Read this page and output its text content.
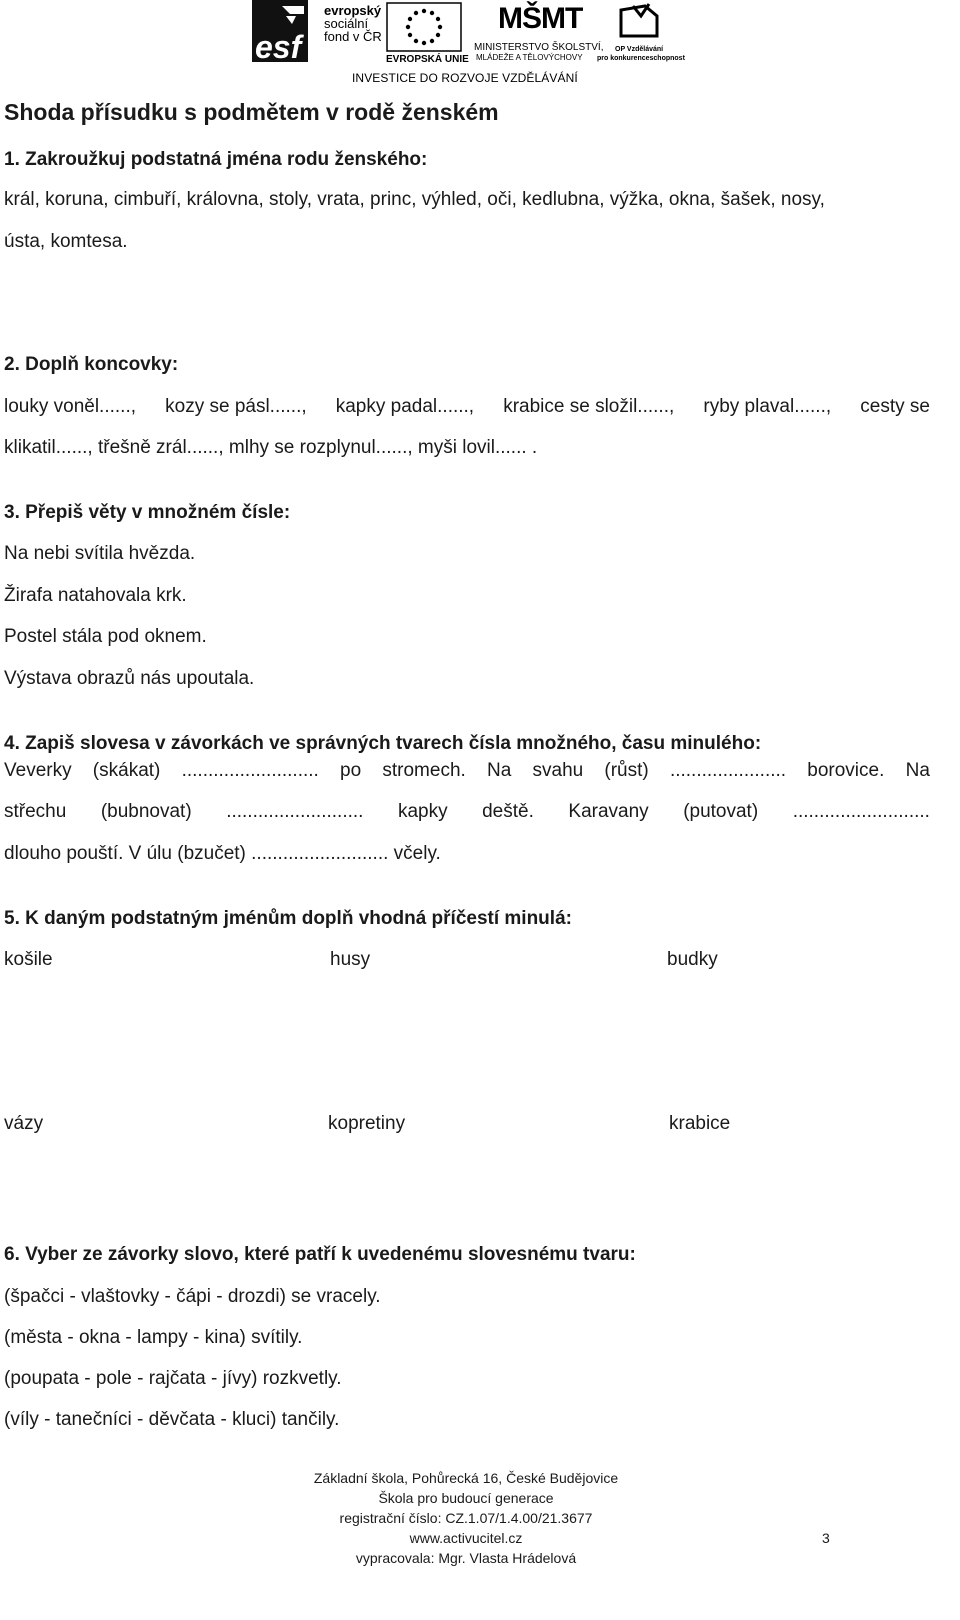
esf
evropský
sociální
fond v ČR
EVROPSKÁ UNIE
MŠMT
MINISTERSTVO ŠKOLSTVÍ,
MLÁDEŽE A TĚLOVÝCHOVY
OP Vzdělávání
pro konkurenceschopnost
INVESTICE DO ROZVOJE VZDĚLÁVÁNÍ
Shoda přísudku s podmětem v rodě ženském
1. Zakroužkuj podstatná jména rodu ženského:
král, koruna, cimbuří, královna, stoly, vrata, princ, výhled, oči, kedlubna, výžka, okna, šašek, nosy,
ústa, komtesa.
2. Doplň koncovky:
louky voněl......, kozy se pásl......, kapky padal......, krabice se složil......, ryby plaval......, cesty se
klikatil......, třešně zrál......, mlhy se rozplynul......, myši lovil...... .
3. Přepiš věty v množném čísle:
Na nebi svítila hvězda.
Žirafa natahovala krk.
Postel stála pod oknem.
Výstava obrazů nás upoutala.
4. Zapiš slovesa v závorkách ve správných tvarech čísla množného, času minulého:
Veverky (skákat) .......................... po stromech. Na svahu (růst) ...................... borovice. Na
střechu (bubnovat) .......................... kapky deště. Karavany (putovat) ..........................
dlouho pouští. V úlu (bzučet) .......................... včely.
5. K daným podstatným jménům doplň vhodná příčestí minulá:
košile	husy	budky
vázy	kopretiny	krabice
6. Vyber ze závorky slovo, které patří k uvedenému slovesnému tvaru:
(špačci - vlaštovky - čápi - drozdi) se vracely.
(města - okna - lampy - kina) svítily.
(poupata - pole - rajčata - jívy) rozkvetly.
(víly - tanečníci - děvčata - kluci) tančily.
Základní škola, Pohůrecká 16, České Budějovice
Škola pro budoucí generace
registrační číslo: CZ.1.07/1.4.00/21.3677
www.activucitel.cz
vypracovala: Mgr. Vlasta Hrádelová
3
